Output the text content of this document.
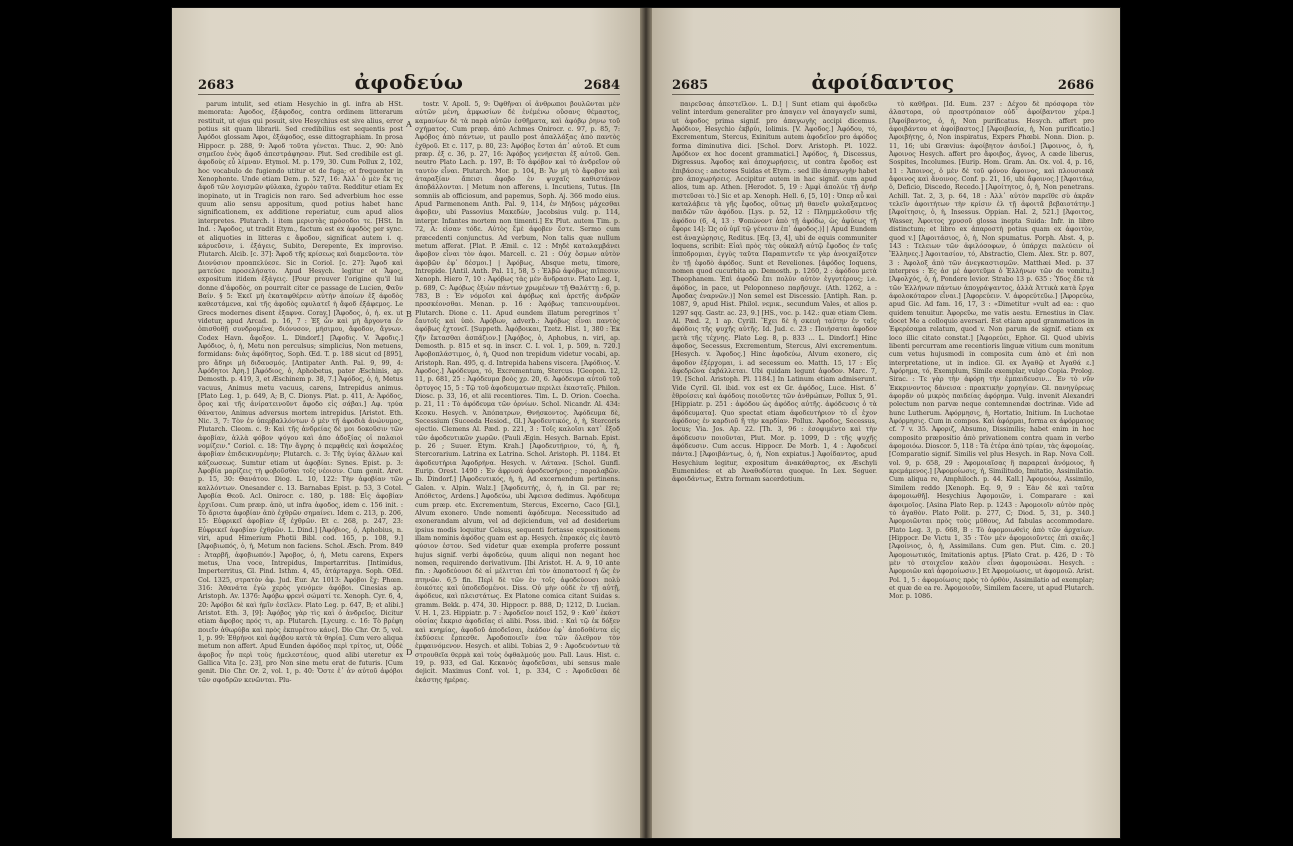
2683	ἀφοδεύω	2684

parum intulit, sed etiam Hesychio in gl. infra ab HSt. memorata: Ἀφοδος, ἐξάφοδος, contra ordinem litterarum restituit, ut ejus qui posuit, sive Hesychius est sive alius, error potius sit quam librarii. Sed credibilius est sequentis post Ἀφόδοι glossam Ἀφοι, ἐξάφοδος, esse dittographiam. In prosa Hippocr. p. 288, 9: Ἀφοδ τοῦτα γένεται. Thuc. 2, 90: Ἀπὸ σημεῖου ἑνὸς ἄφοδ ἀπεστράφησαν. Plut. Sed credibile est gl. ἀφοδοὺς εὖ λίμναν. Etymol. M. p. 179, 30. Cum Pollux 2, 102, hoc vocabulo de fugiendo utitur et de fuga; et frequenter in Xenophonte. Unde etiam Dem. p. 527, 16: Ἀλλ᾽ ὁ μὲν ἔκ τις ἄφοδ τῶν λογισμῶν φύλακα, ἐχυρὸν ταῦτα. Redditur etiam Ex inopinato, ut in Tragicis non raro. Sed adverbium hoc esse quum alio sensu appositum, quod potius habet hanc significationem, ex additione reperiatur, cum apud alios interpretes. Plutarch. i item μεριστὰς πρόσοδοι τε. [HSt. In Ind. : Ἄφοδος, ut tradit Etym., factum est ex ἀφοδὸς per sync. et aliquoties in litteras ε ἄφοδον, significat autem i. q. κάρυεῦσιν, i. ἐξάγεις, Subito, Derepente, Ex improviso. Plutarch. Alcib. [c. 37]: Ἄφοδ τῆς κρίσεως καὶ διαμεῦοντα. τὸν Διονύσιον προαπελύεσε. Sic in Coriol. [c. 27]: Ἄφοδ καὶ ματεύσε προσελήσατο. Apud Hesych. legitur et Ἄφος, expositum itidem ἐξάγεις. [Pour prouver l'origine qu'il lui donne d'ἀφοδὸς, on pourrait citer ce passage de Lucien, Φαῦν Βαίν. § 5: Ἐκεῖ μὴ ἐκαταφθέρειν αὐτὴν ἀποίων ἐξ ἀφοδὸς καθεστάμενα, καὶ τῆς ἀφοδὸς εφυλατεῖ ἡ ἄφοδ ἐξάφεμος. Le Grecs modernes disent ἐξαφνα. Coray.] [Ἄφοδος, ὁ, ἡ. ex. ut videtur, apud Arcad. p. 16, 7 : Ἐξ ὧν καὶ μὴ ἄργοντα ἐν ὀπισθοθῇ συνδρομένα, διόνυσον, μήσιμου, ἄφοδον, ἄγνων. Codex Havn. ἄφοξον. L. Dindorf.] [Ἄφοδις. V. Ἄφοδις.] Ἀφόδιος, ὁ, ἡ, Metu non perculsus; simplicius, Non metuens, formidans: διὰς ἀφόδητος, Soph. Œd. T. p. 188 sicut cd [895], pro ἄδηρι μὴ διδαυσμός. [Antipater Anth. Pal. 9, 99, 4: Ἀφόδητοι Ἀρη.] [Ἀφόδιος, ὁ, Aphobetus, pater Æschinis, ap. Demosth. p. 419, 3, et Æschinem p. 38, 7.] Ἀφόδος, ὁ, ἡ, Metus vacuus, Animus metu vacuus, carens, Intrepidus animus. [Plato Leg. 1, p. 649, A; B, C. Dionys. Plat. p. 411, A: Ἀφόδος, ὅρος καὶ τῆς ἀνίρατεινοῦντ ἄφοδο εἰς σάβαι.] Αφ. τρύα θάνατον, Animus adversus mortem intrepidus. [Aristot. Eth. Nic. 3, 7: Τὸν ἐν ὑπερβαλλόντων ὁ μὲν τῆ ἀφοδιὰ ἀνώνυμος, Plutarch. Cleom. c. 9: Καὶ τῆς ἀνδρείας δὲ μοι δοκοῦσιν τῶν ἀφοβίαν, ἀλλὰ φόβον ψόγου καὶ ἀπο ἀδοξίας οἱ παλαιοὶ νομίζειν." Coriol. c. 18: Τὴν ἄγρης ὁ πεμφθεὶς καὶ ἀσφαλέος ἀφοβίαν ἐπιδεικνυμένην; Plutarch. c. 3: Τῆς ὑγίας ἄλλων καὶ κάζεωσεως. Sumtur etiam ut ἀφοβίαι: Synes. Epist. p. 3: Ἀφοβία μαρίζεις τὴ φοβοῦσθαι τοῖς νέοισιν. Cum genit. Aret. p. 15, 30: Θανάτου. Diog. L. 10, 122: Τὴν ἀφοβίαν τῶν καλλόντων. Onesander c. 13. Barnabas Epist. p. 53, 3 Cotel. Ἀφοβία Θεοῦ. Acl. Onirocr. c. 180, p. 188: Εἰς ἀφοβίαν ἐρχιῖσαι. Cum præp. ἀπὸ, ut infra ἀφοδος, idem c. 156 init. : Τὸ ἄριστα ἀφοβίαν ἀπὸ ἐχθρῶν σημαίνει. Idem c. 213, p. 206, 15: Εὐφρικεῖ ἀφοβίαν ἐξ ἐχθρῶν. Et c. 268, p. 247, 23: Εὐφρικεῖ ἀφοβίαν ἐχθρῶν. L. Dind.] [Ἀφόβιος, ὁ, Aphobius, n. viri, apud Himerium Photii Bibl. cod. 165, p. 108, 9.] [Ἀφοβιωπός, ὁ, ἡ, Metum non faciens. Schol. Æsch. Prom. 849 : Ἀταρβῆ, ἀφοβιωπόν.] Ἄφοβος, ὁ, ἡ, Metu carens, Expers metus, Una voce, Intrepidus, Impertarritus. [Intimidus, Imperterritus, Gl. Pind. Isthm. 4, 45, ἀτάρταρχα. Soph. OEd. Col. 1325, στρατὸν ἀφ. Jud. Eur. Ar. 1013: Ἀφόβοι ἔχ: Phœn. 316: Ἀθανάτα ἐγὼ χερὸς γενόμεν ἀφόβοι. Cinesias ap. Aristoph. Av. 1376: Ἀφόβω φρενὶ σώματί τε. Xenoph. Cyr. 6, 4, 20: Ἀφόβοι δὲ καὶ ἡμῖν ἐσεῖλεν. Plato Leg. p. 647, B; et alibi.] Aristot. Eth. 3, [9]: Ἀφόβος γὰρ τὶς καὶ ὁ ἀνδρεῖος. Dicitur etiam ἄφοβος πρός τι, ap. Plutarch. [Lycurg. c. 16: Τὸ βρέφη ποιεῖν ἀθωρύβα καὶ πρὸς ἐκπυρέτου κάνε]. Dio Chr. Or. 5, vol. 1, p. 99: Ἐθρήνοι καὶ ἀφόβου κατὰ τὰ θηρία]. Cum vero aliqua metum non affert. Apud Eunden ἀφόδος περὶ τρίτος, ut, Οὐδὲ ἀφοβος ἦν περὶ τοὺς ἡμελεστέους, quod alibi uteretur ex Gallica Vita [c. 23], pro Non sine metu erat de futuris. [Cum genit. Dio Chr. Or. 2, vol. 1, p. 40: Ὅστε ἐ᾽ ἀν αὐτοῦ ἀφόβοι τῶν σφοδρῶν κενῶνται. Plu-

tostr. V. Apoll. 5, 9: Ὀφθῆναι οἱ ἀνθρωποι βουλῶνται μὲν αὐτῶν μένη, ἀμφωσίων δὲ ἐνέμένω οὔσανς θέμαστος, καμανίων δὲ τὰ παρὰ αὐτῶν ἐσθῆματα, καὶ ἀφόβῳ ῥηνω τοῦ σχήματος. Cum præp. ἀπὸ Achmes Onirocr. c. 97, p. 85, 7: Ἀφόβος ἀπὸ πάντων, ut paullo post ἀπαλλάξας ἀπὸ παντὸς ἐχθροῦ. Et c. 117, p. 80, 23: Ἀφόβος ἔσται ἀπ᾽ αὐτοῦ. Et cum præp. ἐξ c. 36, p. 27, 16: Ἀφόβος γενήσεται ἐξ αὐτοῦ. Gen. neutro Plato Lach. p. 197, B: Τὸ ἀφόβον καὶ τὸ ἀνδρεῖον οὐ ταυτὸν εἶναι. Plutarch. Mor. p. 104, B: Ἄν μή τὸ ἄφοβον καὶ ἀταραξίαν ἄπεισι ἄφοβο ἐν ψυχαῖς καθιστάνον ἀποβάλλονται. | Metum non afferens, i. Incutiens, Tutus. [In somniis ab officiosum, and papemus, Soph. Aj. 366 modo eius. Apud Parmenonem Anth. Pal. 9, 114, ἐν Μήδοις μάχεσθαι ἀφοβεν, ubi Passovius Μακεδὼν, Jacobsius vulg. p. 114, interpr. Infantes mortem non timenti.] Ex Plut. autem Tim. p. 72, A: εἰσαν τόδε. Αὐτὸς ἔμὲ ἀφοβεν ἔστε. Sermo cum præcedenti conjunctus. Ad verbum, Non talis quæ nullum metum afferat. [Plat. P. Æmil. c. 12 : Μηδὲ καταλαμβάνει ἄφοβον εἶναι τὸν ἀφοι. Marcell. c. 21 : Οὐχ ὅσμων αὐτὸν ἀφοβῶν ἐφ᾽ δέσμοι.] | Ἀφόβως, Absque metu, timore, Intrepide. [Antil. Anth. Pal. 11, 58, 5 : Ἐλβῶ ἀφόβως πιῖπεσιν. Xenoph. Hiero 7, 10 : Ἀφόβως τὰς μὲν ἄνδρασιν. Plato Leg. 1, p. 689, C: Ἀφόβως ἐξιὼν πάντων χρωμένων τῇ Θαλάττῃ : 6, p. 783, B : Ἐν νόμοῖσι καὶ ἀφόβως καὶ ἀρετῆς ἀνδρῶν προσκέονσθαι. Menan. p. 16 : Ἀφόβως ταπεινουμένοι. Plutarch. Dione c. 11. Apud eundem illatum peregrinos τ᾽ ἔαυτοῖς καὶ ὑπὸ. Ἀφόβων, adverb.: Ἀφόβως εἶναι παντὸς ἀφόβως ἐχτονεῖ. [Suppeth. Ἀφόβοικαι, Tzetz. Hist. 1, 380 : Ἐκ ζῆν ἔκτασθαι ἀσπάζιον.] [Ἀφόβος, ὁ, Aphobus, n. viri, ap. Demosth. p. 815 et sq. in inscr. C. I. vol. 1, p. 509, n. 720.] Ἀφοβοπλάστιμος, ὁ, ἡ, Quod non trepidum videtur vocabi, ap. Aristoph. Ran. 495, q. d. Intrepida habens viscera. [Ἀφόδιος. V. Ἀφοδος.] Ἀφόδευμα, τό, Excrementum, Stercus. [Geopon. 12, 11, p. 681, 25 : Ἀφόδευμα βοὸς χρ. 20, 6. Ἀφόδευμα αὐτοῦ τοῦ ὄρτυγος 15, 5 : Τῷ τοῦ ἀφοδευματων περιλει ἑκασταῖς. Philon. Diosc. p. 33, 16, et alii recentiores. Tim. L. D. Orion. Coecha. p. 21, 11 : Τὸ ἀφόδευμα τῶν ὀρνίων. Schol. Nicandr. Al. 434: Κεσκυ. Hesych. v. Ἀπόπατρων, Θνήσκοντος. Ἀφόδευμα δὲ, Secessium (Suceeda Hesiod., Gl.] Ἀφοδευτικός, ὁ, ἡ, Stercoris ejectio. Clemens Al. Pæd. p. 221, 3 : Τοῖς καλοῖσι κατ᾽ ἔξοδ τῶν ἀφοδευτικῶν χωρῶν. (Pauli Ægin. Hesych. Barnab. Epist. p. 26 ; Suuer. Etym. Krah.] [Ἀφοδευτήριον, τό, ἡ, ἡ, Stercorarium. Latrina ex Latrina. Schol. Aristoph. Pl. 1184. Et ἀφοδευτήρια Ἀφοδρήνα. Hesych. v. Λάτανα. [Schol. Gunfl. Eurip. Orest. 1490 : Ἐν ἀφρυσά ἀφοδευσήριος ; παραλαβῶν. Ib. Dindorf.] [Ἀφοδευτικός, ἡ, ἡ, Ad excernendum pertinens. Galen. v. Alpin. Walz.] [Ἀφοδευτής, ὁ, ἡ, in Gl. par re; Ἀπόθετος, Ardens.] Ἀφοδεύω, ubi Ἀφεισα dedimus. Ἀφόδευμα cum præp. etc. Excrementum, Stercus, Excerno, Caco [Gl.], Alvum exonero. Unde nomenti ἀφόδευμα. Necessitudo ad exonerandam alvum, vel ad dejiciendum, vel ad desiderium ipsius modis loquitur Celsus, sequenti fortasse expositionem illam nominis ἀφόδος quam est ap. Hesych. ἐπρακός εἰς ἑαυτὸ φύσιον ἐστον. Sed videtur quæ exempla proferre possunt hujus signif. verbi ἀφοδεύω, quum aliqui non negant hoc nomen, requirendo derivativum. [Ibi Aristot. H. A. 9, 10 ante fin. : Ἀφοδεύουσι δὲ αἱ μέλιτται ἐπὶ τὸν ἀποπατοσεῖ ἡ ὥς ἐν πτηνῶν. 6,5 fin. Περὶ δὲ τῶν ἐν τοῖς ἀφοδεύουσι πολὺ ἐοικότες καὶ ὑποδεδομένοι. Diss. Οὐ μὴν οὐδὲ ἐν τῇ αὐτῇ, ἀφόδευε, καὶ πλειστάτως. Ex Platone comica citant Suidas s. gramm. Bekk. p. 474, 30. Hippocr. p. 888, D; 1212, D. Lucian. V. H. 1, 23. Hippiatr. p. 7 : Ἀφοδεῖον ποιεῖ 152, 9 : Καθ᾽ ἑκάστ οὐσίας ἔκκρισ ἀφοδεῖας εἰ alibi. Poss. ibid. : Καὶ τῷ ἐκ δόξεν καὶ κνημίας, ἀφοδοῦ ἀποδεῖσαι, ἑκάδον ἐφ᾽ ἀποδοθέντα εἰς ἐκδύσειε ἔρπεσθε. Ἀφοδοποιεῖν ἑνα τῶν ὄλεθρον τὸν ἐμφαινόμενον. Hesych. et alibi. Tobias 2, 9 : Ἀφοδευόντων τὰ στρουθεῖα θερμὰ καὶ τοὺς ὀφθαλμούς μου. Pall. Laus. Hist. c. 19, p. 933, ed Gal. Κεκανὸς ἀφοδεῦσαι, ubi sensus male dejicit. Maximus Conf. vol. 1, p. 334, C : Ἀφοδεῦσαι δὲ ἐκάστης ἡμέρας.

A
B
C
D
2685	ἀφοίδαντος	2686

παιρεῦσας ἀπεστεῖλον. L. D.] | Sunt etiam qui ἀφοδεῦω velint interdum generaliter pro ἀπαγειν vel ἀπαγαγεῖν sumi, ut ἀφοδος prima signif. pro ἀπαγωγὴς accipi dicemus. Ἀφόδιον, Hesychio ἐκβρύι, lolimis. [V. Ἀφοδος.] Ἀφόδου, τό, Excrementum, Stercus, Exinitum autem ἀφοδεῖον pro ἀφόδος forma diminutiva dici. [Schol. Dorv. Aristoph. Pl. 1022. Ἀφόδιον ex hoc docent grammatici.] Ἀφόδος, ἡ, Discessus, Digressus. Ἀφοδος καὶ ἀποχωρήσεις, ut contra ἔφοδος est ἐπιβάσεις : anctores Suidas et Etym. : sed ille ἀπαγωγὴν habet pro ἀποχωρήσεις. Accipitur autem in hac signif. cum apud alios, tum ap. Athen. [Herodot. 5, 19 : Ἀμφὶ ἀπολύε τῇ ἀνὴρ πιστεῦσαι τὸ.] Sic et ap. Xenoph. Hell. 6, [5, 10] : Ὁπερ αὖ καὶ καταλάβειε τὰ γῆς ἔφοδος, οὕτως μὴ θανεῖν φυλαξαμενος παιδῶν τῶν ἀφόδου. [Lys. p. 52, 12 : Πλημμελοῦσιν τῆς ἀφόδου (6, 4, 13 : Ψοπώνοντ ἀπὸ τῇ ἀφόδω, ὡς ἀφύεως τῇ ἔφορε 14]: Ὡς οὐ ὑμῖ τῷ γένεσιν ἐπ᾽ ἀφοδος.)] | Apud Eundem est ἀναχώρησις, Reditus. [Eq. [3, 4], ubi de equis communiter loquens, scribit: Εἰαὶ πρὸς τὰς οὐκαλῆ αὐτῷ ἔφοδος ἐν ταῖς ἱπποδρομιαι, ἐγγὺς ταῦτα Παραπιντεῖν τε γὰρ ἀνοιχαίξοτεν ἐν τῇ ἐφοδὸ ἀφόδος. Sunt et Reveliones. [ἀφόδος Ioquens, nomen quod cucurbita ap. Demosth. p. 1260, 2 : ἀφόδου μετὰ Theophanem. Ἐπὶ ἀφοδῶ ἔπι πολὺν αὐτὸν ἐγγυτέρους; i.e. ἀφόδος, in pace, ut Peloponneso παρῆσυχε. (Ath. 1262, a : Ἀφοδας ἐναρνῶν.)] Non semel est Discessio. [Antiph. Ran. p. 1087, 9, apud Hist. Philol. νεμικ., secundum Vales, et alios p. 1297 sqq. Gastr. ac. 23, 9.] [HS., voc. p. 142.: quæ etiam Clem. Al. Pæd. 2, 1 ap. Cyrill. Ἔχει δὲ ἡ σκευὴ ταύτην ἐν ταῖς ἀφόδοις τῆς ψυχῆς αὐτῆς. Id. Jud. c. 23 : Ποιήσαται ἀφοδον μετὰ τῆς τέχνης. Plato Leg. 8, p. 833 ... L. Dindorf.] Hinc ἀφοδος, Secessus, Excrementum, Stercus, Alvi excrementum. [Hesych. v. Ἄφοδος.] Hinc ἀφοδεύω, Alvum exonero, εἰς ἀφοδον ἐξέρχομαι, i. ad secessum eo. Matth. 15, 17 : Εἰς ἀφεδρῶνα ἐκβάλλεται. Ubi quidam legunt ἀφοδον. Marc. 7, 19. [Schol. Aristoph. Pl. 1184.] In Latinum etiam admiserunt. Vide Cyril. Gl. ibid. vox est ex Gr. ἀφόδος, Luce. Hist. δ᾽ ἐθροίσεις καὶ ἀφόδοις ποιοῦντες τῶν ἀνθρώπων, Pollux 5, 91. [Hippiatr. p. 251 : ἀφόδου ὡς ἀφόδος αὐτῆς. ἀφόδευσις ὁ τὰ ἀφόδευματα]. Quo spectat etiam ἀφοδευτήριον τὸ εἶ ἐχον ἀφόδους ἐν καρδιοῦ ἢ τὴν καρδίαν. Pollux. Ἀφοδος, Secessus, locus; Via. Jos. Ap. 22. [Th. 3, 96 : ἐσοφιμέντο καὶ τὴν ἀφόδευσιν ποιοῦνται, Plut. Mor. p. 1099, D : τῆς ψυχῆς ἀφόδευσιν. Cum accus. Hippocr. De Morb. 1, 4 : Ἀφοδευεί πάντα.] [Ἀφοιβάντως, ὁ, ἡ, Non expiatus.] Ἀφοίδαντος, apud Hesychium legitur, expositum ἀνακάθαρτος, ex Æschyli Eumenides: et ab Ἀναθοδίσται quoque. In Lex. Seguer. ἀφοιδάντως, Extra formam sacerdotium.

τὸ καθῆραι. [Id. Eum. 237 : Δέχου δὲ πρόσφορα τὸν ἀλαστορα, οὐ προστρόπαιον οὐδ᾽ ἀφοίβαντον χέρα.] [Ἀφοίβαντος, ὁ, ἡ, Non purificatus. Hesych. affert pro ἀφοιβάντου et ἀφοίβαστος.] [Ἀφοιβασία, ἡ, Non purificatio.] Ἀφοιβήτης, ὁ, Non inspiratus, Expers Phœbi. Nonn. Dion. p. 11, 16; ubi Grævius: ἀφοίβητον ἀσιδοί.] [Ἄφοινος, ὁ, ἡ, Ἀφοινος Hesych. affert pro ἄφοιβος, ἄγνος, A cæde liberus, Sospites, Incolumes. [Eurip. Hom. Gram. An. Ox. vol. 4, p. 16, 11 : Ἄποινος, ὁ μὲν δὲ τοῦ φόνου ἄφοινος, καὶ πλουσιακὰ ἄφοινος καὶ ἄνοινος. Conf. p. 21, 16, ubi ἄφοινος.] [Ἀφοιτάω, ὁ, Deficio, Discedo, Recedo.] [Ἀφοίτητος, ὁ, ἡ, Non penetrans. Achill. Tat. 2, 3, p. 64, 18 : Ἀλλ᾽ αὐτὸν παρεῖθε σὺ ἀκρᾶν τελεῖν ἀφοιτήτων τὴν κρίσιν ἐλ τῇ ἀφοιτᾶ βεβαιοτάτην.] [Ἀφοίτησις, ὁ, ἡ, Insessus. Oppian. Hal. 2, 521.] [Ἀφοιτος, Wasser, Ἀφοιτος χρυσοῦ glossa inepta Suida: Infr. in libro distinctum; et libro ex ἀπαροστὴ potius quam ex ἀφοιτὸν, quod v.] [Ἀφοιτάσιος, ὁ, ἡ, Non spumatus. Porph. Abst. 4, p. 143 : Τελειων τῶν ἀφιλόσοφων, ὁ ὑπάρχει παλεύειν οἱ Ἕλληνες.] Ἀφοιτασίον, τό, Abstractio, Clem. Alex. Str. p. 807, 3 : Ἀφολοξ ἀπὸ τῶν ἀνεγκαστισμῶν. Matthæi Med. p. 37 interpres : Ἐς ἀσ μὲ ἀφοτεῦμα ὁ Ἑλλήνων τῶν de vomitu.] [Ἀφολχός, ὁ, ἡ, Pondere levior. Strabo 13 p. 635 : Ὑδος ἔδε τὰ τῶν Ἑλλήνων πάντων ἀπογράψαντος, ἀλλὰ Ἀττικὰ κατὰ ἔργα ἀφολοκόταρον εἶναι.] [Ἀφορεύειν. V. ἀφορεύτεῦω.] [Ἀφορεύω, apud Gic. Ad fam. 16, 17, 3 : «Dimetitur »vult ad ea: : quo quidem tenuitur. Ἀφορεῦω, me vatis aestu. Ernestius in Clav. docet Me a colloquio aversari. Est etiam apud grammaticos in Ἐφερέσαμα relatum, quod v. Non parum de signif. etiam ex loco illic citato constat.] [Ἀφορεύει, Ephor. Gl. Quod ubivis libenti percurram ame recentioris linguæ vitium cum monitum cum vetus hujusmodi in composita cum ἀπὸ et ἐπὶ non interpretatione, ut in indice. Gl. ex Ἀγαθῷ et Ἀγαθά ε.] Ἀφόρημα, τό, Exemplum, Simile exemplar, vulgo Copia. Prolog. Sirac. : Τε γὰρ τὴν ἀφόρη τὴν ἐμπαιδευσιν... Ἐν τὸ νῦν Ἐκκρινοντος δάνεισα : πρακτικὴν χορηγίαν. Gl. πανηγύρεως ἀφορᾶν οὐ μικρὸς παιδείας ἀφόρημα. Vulg. invenit Alexandri polectum non parvæ neque contemnendæ doctrinæ. Vide ad hunc Lutherum. Ἀφόρμησις, ἡ, Hortatio, Initium. In Luchotae Ἀφόρμησις. Cum in compos. Καὶ ἀφόρμαι, forma ex ἀφόρμαιος cf. 7 v. 35. Ἀφοριζ, Absumo, Dissimilis; habet enim in hoc composito præpositio ἀπὸ privationem contra quam in verbo ἀφομοιόω. Dioscor. 5, 118 : Τὰ ἐτέρα ἀπὸ τρίαν, τὰς ἀφομοίας. [Comparatio signif. Similis vel plus Hesych. in Rap. Nova Coll. vol. 9, p. 658, 29 : Ἀφομοιαῖσας ἢ παραρεαὶ ἀνόμοιος, ἢ κρεμάμενος.] [Ἀφομοίωσις, ἡ, Similitudo, Imitatio, Assimilatio. Cum aliqua re, Amphiloch. p. 44. Kall.] Ἀφομοιόω, Assimilo, Similem reddo [Xenoph. Eq. 9, 9 : Ἐὰν δὲ καὶ ταῦτα ἀφομοιωθῆ]. Hesychius Ἀφομοιῶν, i. Comparare : καὶ ἀφοιμοῖος. [Asina Plato Rep. p. 1243 : Ἀφομοιοῖν αὐτὸν πρὸς τὸ ἀγαθὸν. Plato Polit. p. 277, C; Diod. 5, 31, p. 340.] Ἀφομοιῶνται πρὸς τοὺς μῦθους, Ad fabulas accommodare. Plato Leg. 3, p. 668, B : Τὸ ἀφομοιωθεὶς ἀπὸ τῶν ἀρχαίων. [Hippocr. De Victu 1, 35 : Τὸν μὲν ἀφομοιοῦντες ἐπὶ σκιᾶς.] [Ἀφοίνιος, ὁ, ἡ, Assimilans. Cum gen. Plut. Cim. c. 20.] Ἀφομοιωτικός, Imitationis aptus. [Plato Crat. p. 426, D : Τὸ μὲν τὸ στοιχεῖον καλὸν εἶναι ἀφομοιώσαι. Hesych. : Ἀφομοιῶν καὶ ἀφομοίωσιν.] Et Ἀφομοίωσις, ut ἀφομοιῶ. Arist. Pol. 1, 5 : ἀφομοίωσις πρὸς τὸ ὀρθὸν, Assimilatio ad exemplar; et quæ de ea re. Ἀφομοιοῦν, Similem facere, ut apud Plutarch. Mor. p. 1086.
